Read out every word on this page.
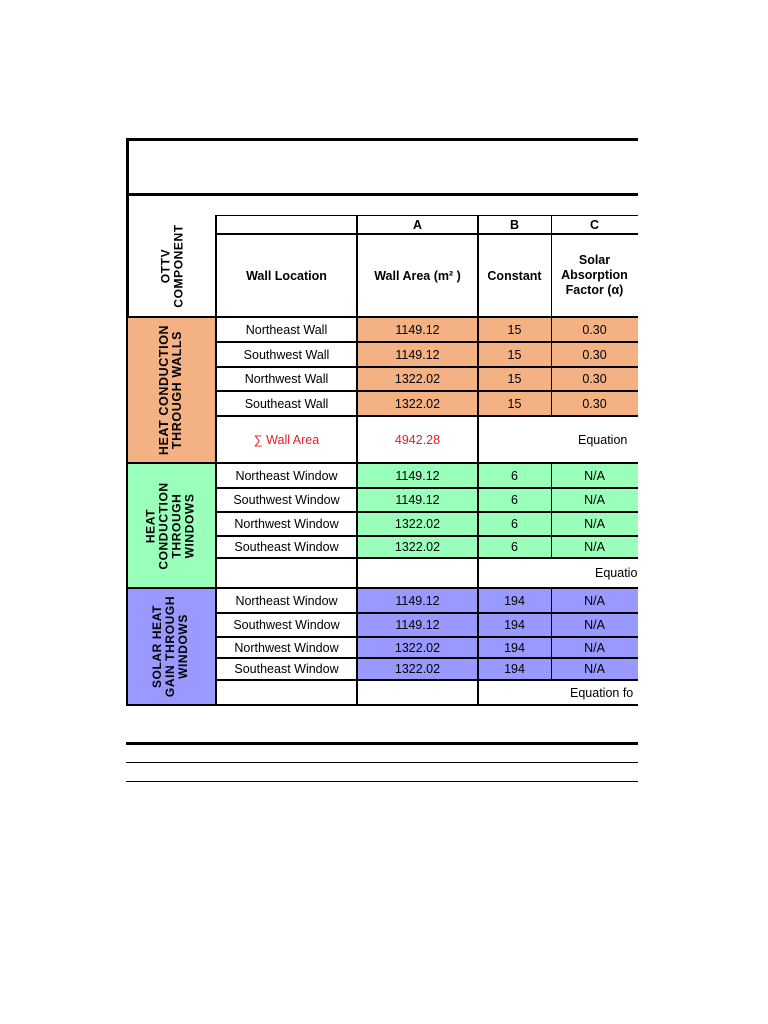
A	B	C
OTTV
COMPONENT	Wall Location	Wall Area (m² )	Constant
Solar
Absorption
Factor (α)
HEAT CONDUCTION
THROUGH WALLS
Northeast Wall	1149.12	15	0.30
Southwest Wall	1149.12	15	0.30
Northwest Wall	1322.02	15	0.30
Southeast Wall	1322.02	15	0.30
∑ Wall Area	4942.28	Equation
HEAT
CONDUCTION
THROUGH
WINDOWS
Northeast Window	1149.12	6	N/A
Southwest Window	1149.12	6	N/A
Northwest Window	1322.02	6	N/A
Southeast Window	1322.02	6	N/A
Equatio
SOLAR HEAT
GAIN THROUGH
WINDOWS
Northeast Window	1149.12	194	N/A
Southwest Window	1149.12	194	N/A
Northwest Window	1322.02	194	N/A
Southeast Window	1322.02	194	N/A
Equation fo
